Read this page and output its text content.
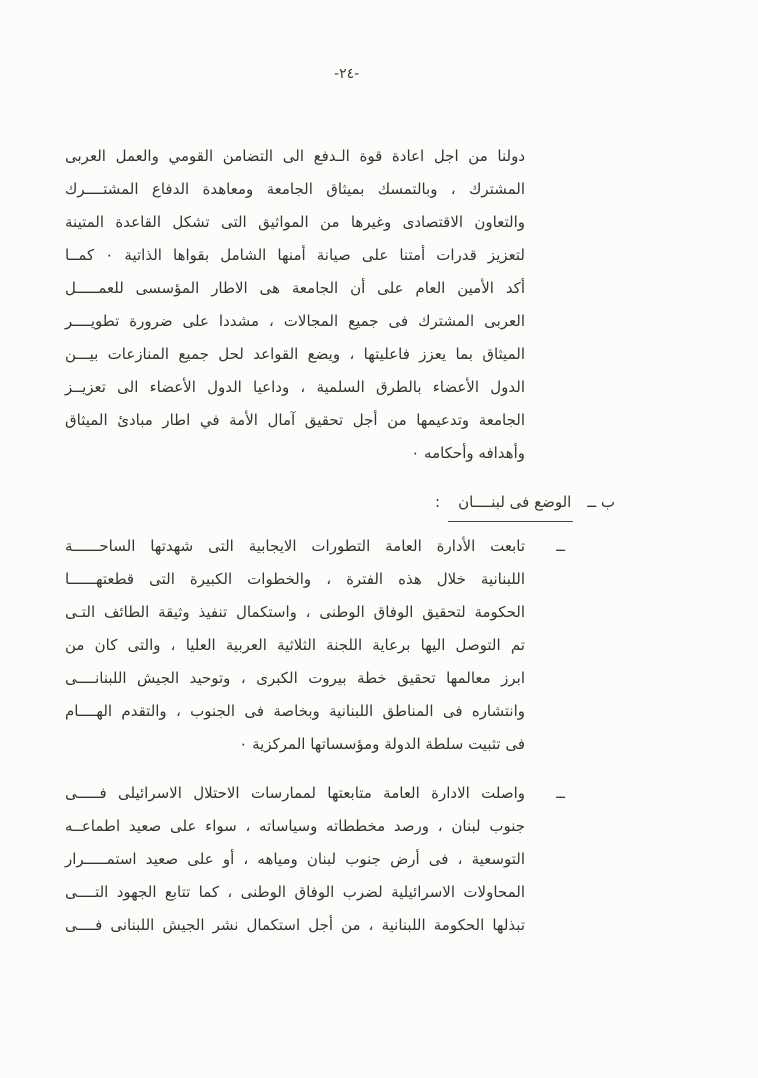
-٢٤-
دولنا من اجل اعادة قوة الـدفع الى التضامن القومي والعمل العربى
المشترك ، وبالتمسك بميثاق الجامعة ومعاهدة الدفاع المشتــــرك
والتعاون الاقتصادى وغيرها من المواثيق التى تشكل القاعدة المتينة
لتعزيز قدرات أمتنا على صيانة أمنها الشامل بقواها الذاتية ٠ كمــا
أكد الأمين العام على أن الجامعة هى الاطار المؤسسى للعمـــــل
العربى المشترك فى جميع المجالات ، مشددا على ضرورة تطويــــر
الميثاق بما يعزز فاعليتها ، ويضع القواعد لحل جميع المنازعات بيـــن
الدول الأعضاء بالطرق السلمية ، وداعيا الدول الأعضاء الى تعزيــز
الجامعة وتدعيمها من أجل تحقيق آمال الأمة في اطار مبادئ الميثاق
وأهدافه وأحكامه ٠
ب ــ
الوضع فى لبنــــان
:
ــ
تابعت الأدارة العامة التطورات الايجابية التى شهدتها الساحــــــة
اللبنانية خلال هذه الفترة ، والخطوات الكبيرة التى قطعتهــــــا
الحكومة لتحقيق الوفاق الوطنى ، واستكمال تنفيذ وثيقة الطائف التـى
تم التوصل اليها برعاية اللجنة الثلاثية العربية العليا ، والتى كان من
ابرز معالمها تحقيق خطة بيروت الكبرى ، وتوحيد الجيش اللبنانــــى
وانتشاره فى المناطق اللبنانية وبخاصة فى الجنوب ، والتقدم الهــــام
فى تثبيت سلطة الدولة ومؤسساتها المركزية ٠
ــ
واصلت الادارة العامة متابعتها لممارسات الاحتلال الاسرائيلى فـــــى
جنوب لبنان ، ورصد مخططاته وسياساته ، سواء على صعيد اطماعــه
التوسعية ، فى أرض جنوب لبنان ومياهه ، أو على صعيد استمـــــرار
المحاولات الاسرائيلية لضرب الوفاق الوطنى ، كما تتابع الجهود التــــى
تبذلها الحكومة اللبنانية ، من أجل استكمال نشر الجيش اللبنانى فــــى
